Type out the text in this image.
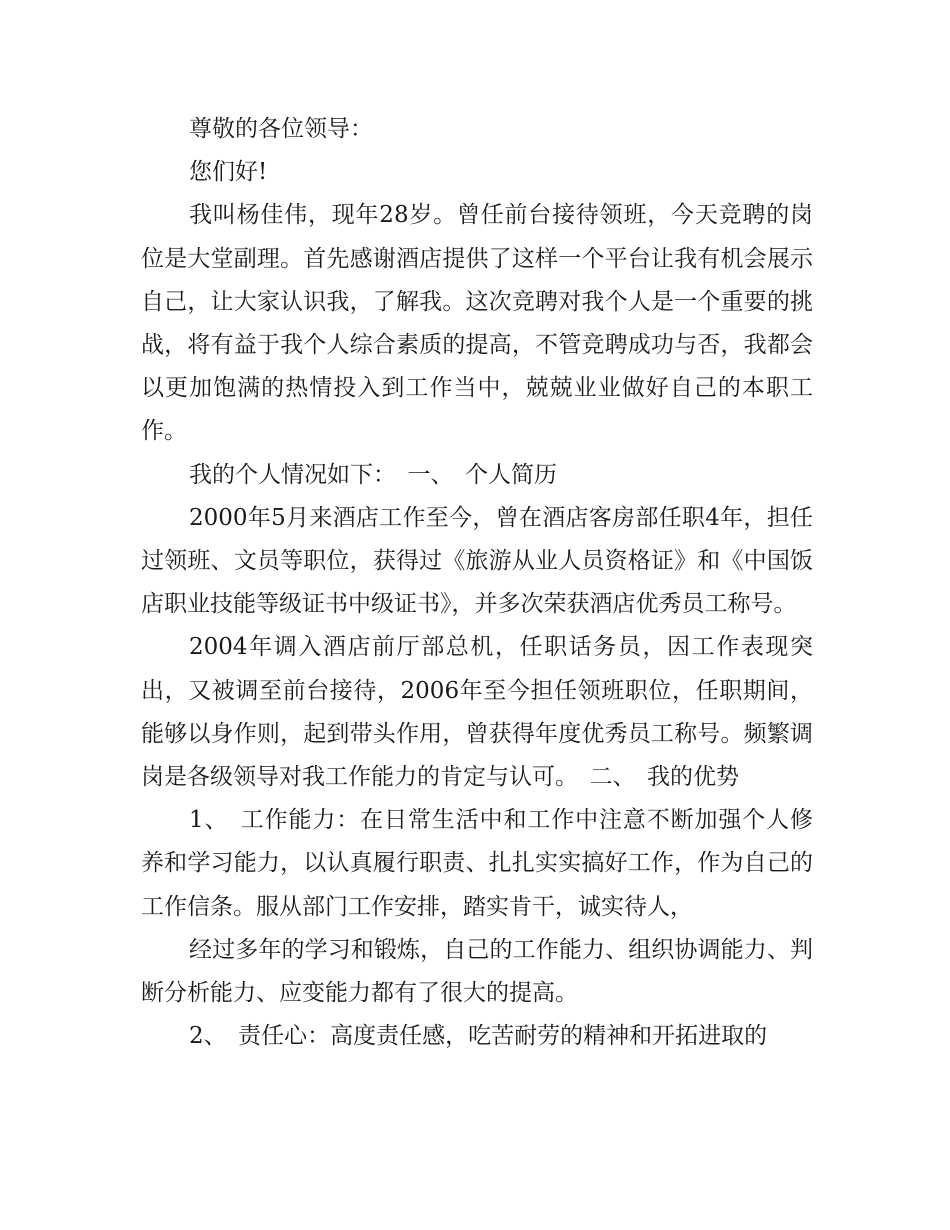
尊敬的各位领导：

您们好!

我叫杨佳伟，现年28岁。曾任前台接待领班，今天竞聘的岗位是大堂副理。首先感谢酒店提供了这样一个平台让我有机会展示自己，让大家认识我，了解我。这次竞聘对我个人是一个重要的挑战，将有益于我个人综合素质的提高，不管竞聘成功与否，我都会以更加饱满的热情投入到工作当中，兢兢业业做好自己的本职工作。

我的个人情况如下：　一、　个人简历

2000年5月来酒店工作至今，曾在酒店客房部任职4年，担任过领班、文员等职位，获得过《旅游从业人员资格证》和《中国饭店职业技能等级证书中级证书》，并多次荣获酒店优秀员工称号。

2004年调入酒店前厅部总机，任职话务员，因工作表现突出，又被调至前台接待，2006年至今担任领班职位，任职期间，能够以身作则，起到带头作用，曾获得年度优秀员工称号。频繁调岗是各级领导对我工作能力的肯定与认可。　二、　我的优势

1、　工作能力：在日常生活中和工作中注意不断加强个人修养和学习能力，以认真履行职责、扎扎实实搞好工作，作为自己的工作信条。服从部门工作安排，踏实肯干，诚实待人，

经过多年的学习和锻炼，自己的工作能力、组织协调能力、判断分析能力、应变能力都有了很大的提高。

2、　责任心：高度责任感，吃苦耐劳的精神和开拓进取的
